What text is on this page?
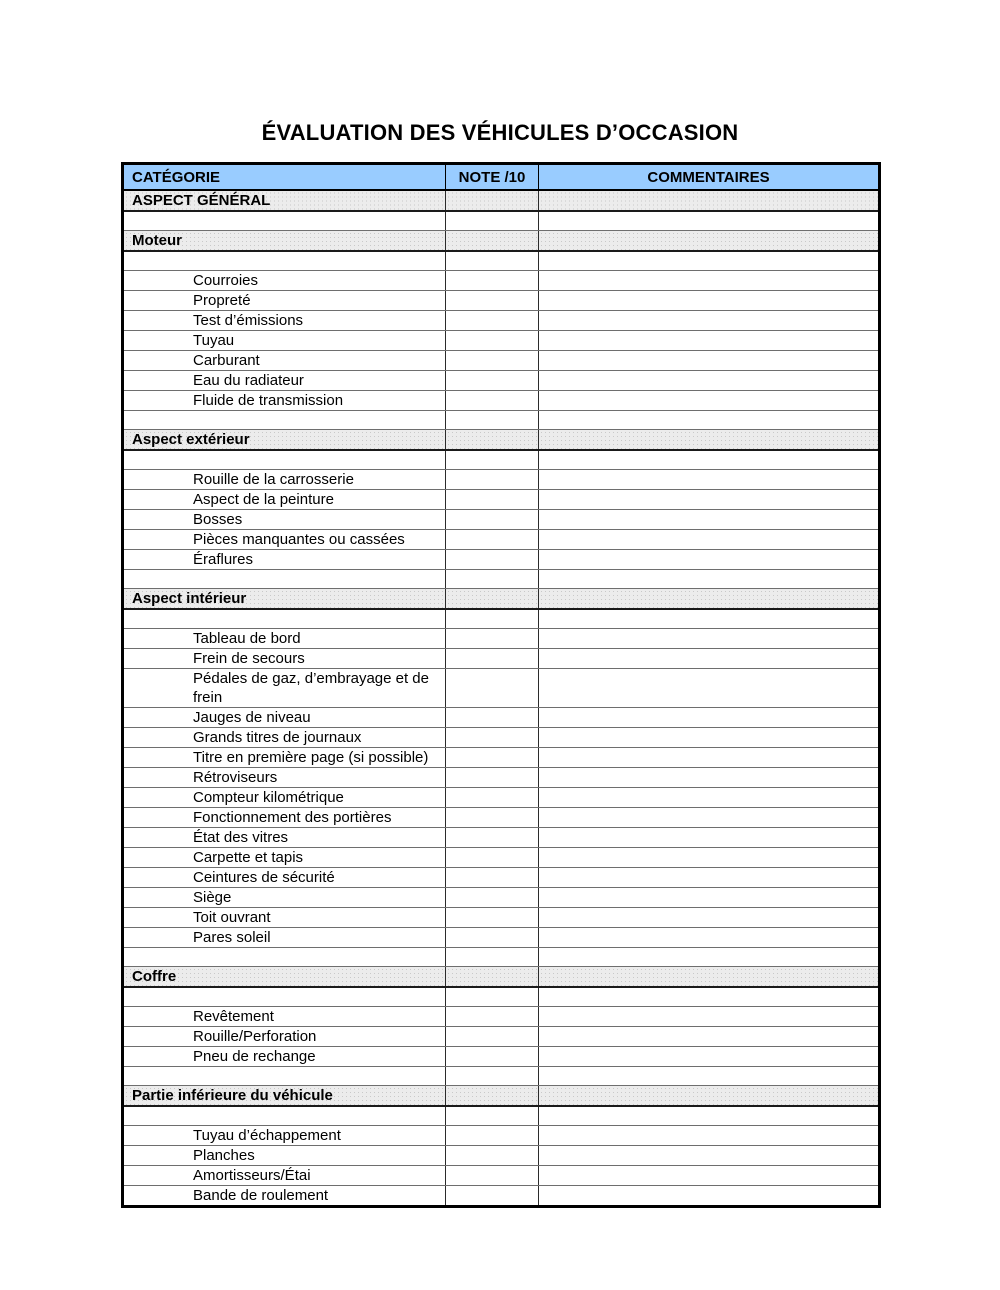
ÉVALUATION DES VÉHICULES D’OCCASION
CATÉGORIE	NOTE /10	COMMENTAIRES
ASPECT GÉNÉRAL		

Moteur		

Courroies		
Propreté		
Test d’émissions		
Tuyau		
Carburant		
Eau du radiateur		
Fluide de transmission		

Aspect extérieur		

Rouille de la carrosserie		
Aspect de la peinture		
Bosses		
Pièces manquantes ou cassées		
Éraflures		

Aspect intérieur		

Tableau de bord		
Frein de secours		
Pédales de gaz, d’embrayage et de frein		
Jauges de niveau		
Grands titres de journaux		
Titre en première page (si possible)		
Rétroviseurs		
Compteur kilométrique		
Fonctionnement des portières		
État des vitres		
Carpette et tapis		
Ceintures de sécurité		
Siège		
Toit ouvrant		
Pares soleil		

Coffre		

Revêtement		
Rouille/Perforation		
Pneu de rechange		

Partie inférieure du véhicule		

Tuyau d’échappement		
Planches		
Amortisseurs/Étai		
Bande de roulement		
